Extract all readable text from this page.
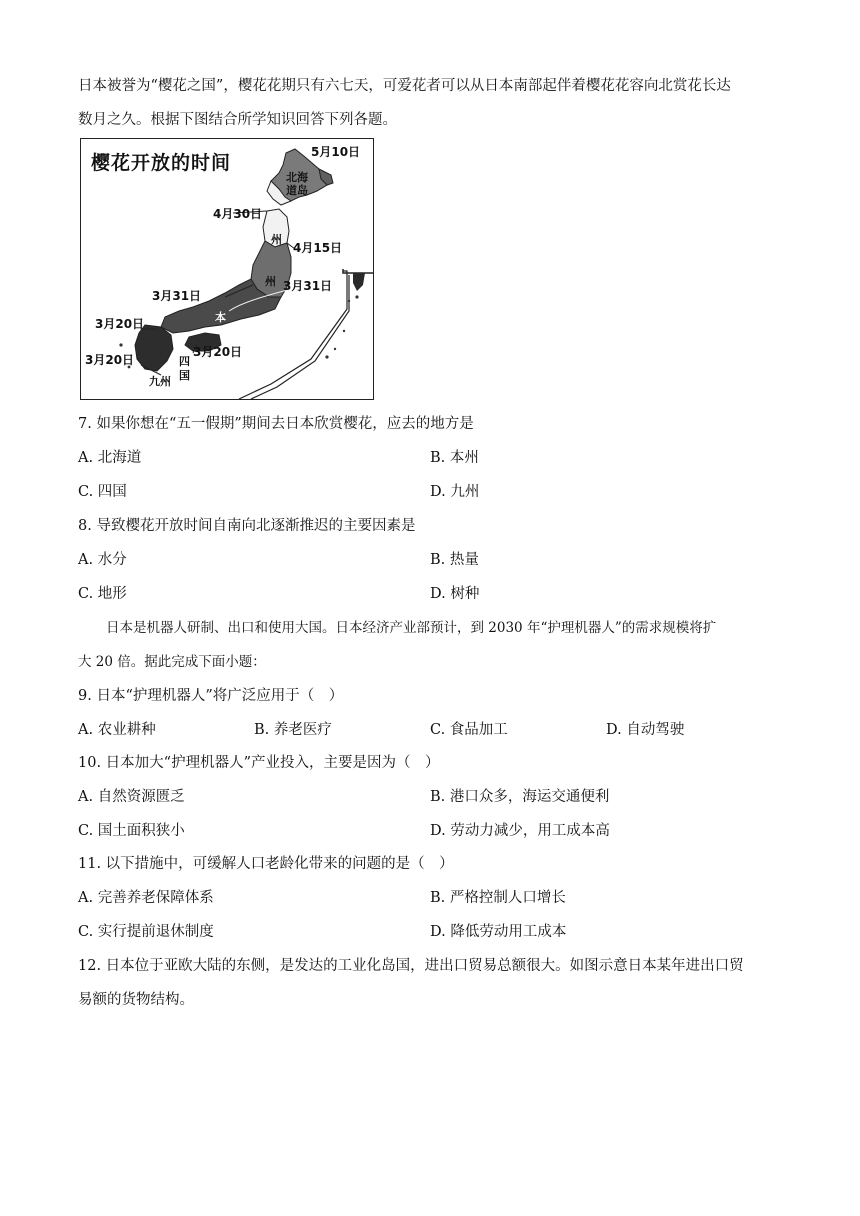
日本被誉为“樱花之国”，樱花花期只有六七天，可爱花者可以从日本南部起伴着樱花花容向北赏花长达
数月之久。根据下图结合所学知识回答下列各题。
樱花开放的时间	5月10日
4月30日
4月15日
3月31日
3月31日
3月20日
3月20日
3月20日
北 海
道 岛
州
州
本
四
国
九州
7. 如果你想在“五一假期”期间去日本欣赏樱花，应去的地方是
A. 北海道	B. 本州
C. 四国	D. 九州
8. 导致樱花开放时间自南向北逐渐推迟的主要因素是
A. 水分	B. 热量
C. 地形	D. 树种
日本是机器人研制、出口和使用大国。日本经济产业部预计，到 2030 年“护理机器人”的需求规模将扩
大 20 倍。据此完成下面小题：
9. 日本“护理机器人”将广泛应用于（　）
A. 农业耕种	B. 养老医疗	C. 食品加工	D. 自动驾驶
10. 日本加大“护理机器人”产业投入，主要是因为（　）
A. 自然资源匮乏	B. 港口众多，海运交通便利
C. 国土面积狭小	D. 劳动力减少，用工成本高
11. 以下措施中，可缓解人口老龄化带来的问题的是（　）
A. 完善养老保障体系	B. 严格控制人口增长
C. 实行提前退休制度	D. 降低劳动用工成本
12. 日本位于亚欧大陆的东侧，是发达的工业化岛国，进出口贸易总额很大。如图示意日本某年进出口贸
易额的货物结构。
